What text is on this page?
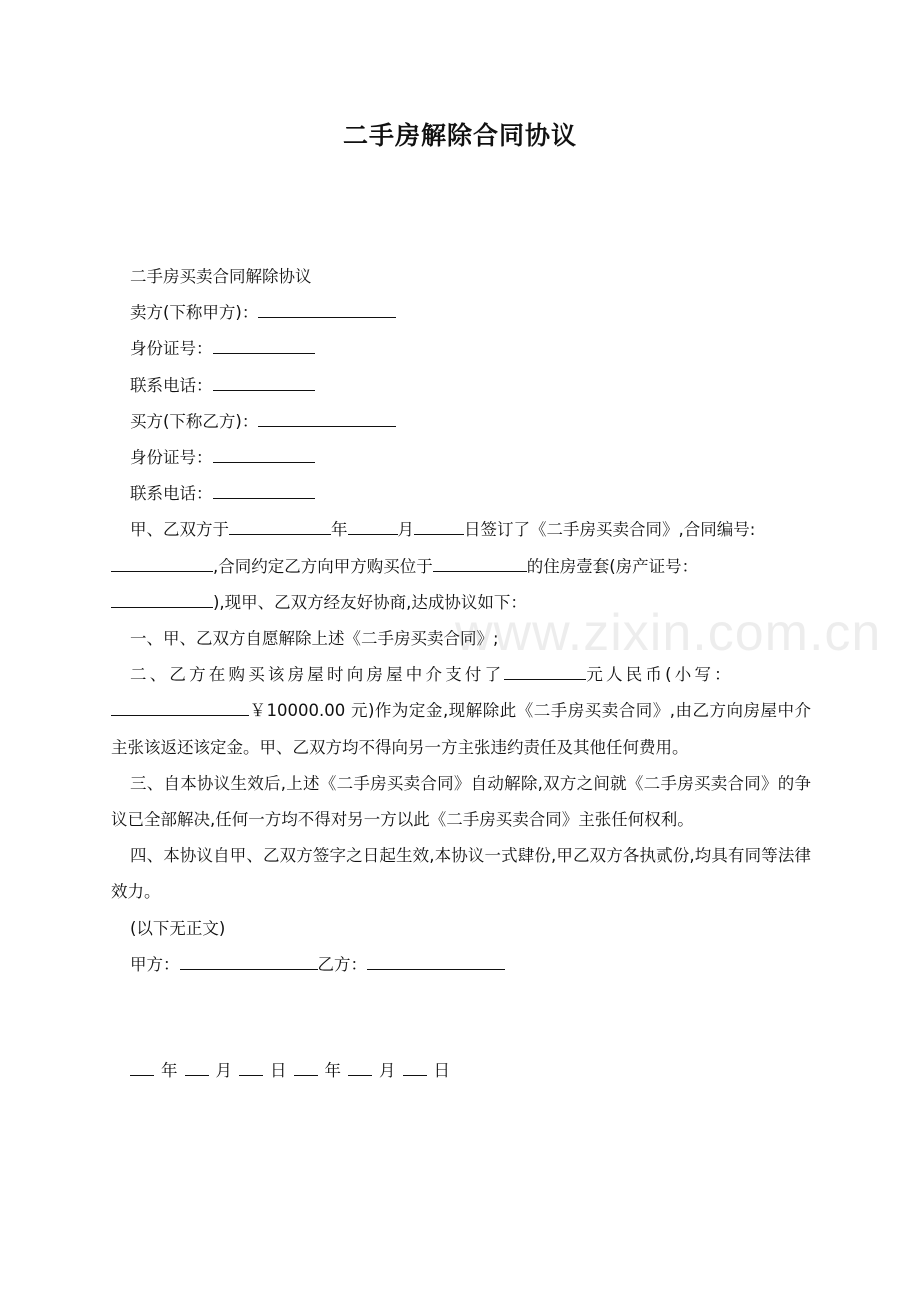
二手房解除合同协议
www.zixin.com.cn
二手房买卖合同解除协议
卖方(下称甲方)：
身份证号：
联系电话：
买方(下称乙方)：
身份证号：
联系电话：
甲、乙双方于	年	月	日签订了《二手房买卖合同》,合同编号:
,合同约定乙方向甲方购买位于	的住房壹套(房产证号：
),现甲、乙双方经友好协商,达成协议如下：
一、甲、乙双方自愿解除上述《二手房买卖合同》;
二、乙方在购买该房屋时向房屋中介支付了	元人民币(小写：
￥10000.00 元)作为定金,现解除此《二手房买卖合同》,由乙方向房屋中介主张该返还该定金。甲、乙双方均不得向另一方主张违约责任及其他任何费用。
三、自本协议生效后,上述《二手房买卖合同》自动解除,双方之间就《二手房买卖合同》的争议已全部解决,任何一方均不得对另一方以此《二手房买卖合同》主张任何权利。
四、本协议自甲、乙双方签字之日起生效,本协议一式肆份,甲乙双方各执贰份,均具有同等法律效力。
(以下无正文)
甲方：	乙方：
年 月 日 年 月 日
